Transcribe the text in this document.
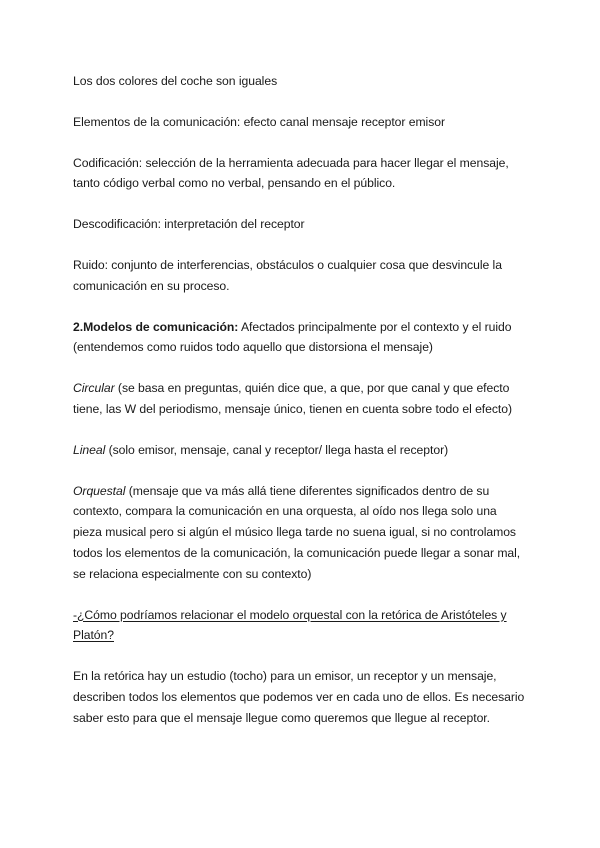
Los dos colores del coche son iguales

Elementos de la comunicación: efecto canal mensaje receptor emisor

Codificación: selección de la herramienta adecuada para hacer llegar el mensaje,
tanto código verbal como no verbal, pensando en el público.

Descodificación: interpretación del receptor

Ruido: conjunto de interferencias, obstáculos o cualquier cosa que desvincule la
comunicación en su proceso.

2.Modelos de comunicación: Afectados principalmente por el contexto y el ruido
(entendemos como ruidos todo aquello que distorsiona el mensaje)

Circular (se basa en preguntas, quién dice que, a que, por que canal y que efecto
tiene, las W del periodismo, mensaje único, tienen en cuenta sobre todo el efecto)

Lineal (solo emisor, mensaje, canal y receptor/ llega hasta el receptor)

Orquestal (mensaje que va más allá tiene diferentes significados dentro de su
contexto, compara la comunicación en una orquesta, al oído nos llega solo una
pieza musical pero si algún el músico llega tarde no suena igual, si no controlamos
todos los elementos de la comunicación, la comunicación puede llegar a sonar mal,
se relaciona especialmente con su contexto)

-¿Cómo podríamos relacionar el modelo orquestal con la retórica de Aristóteles y
Platón?

En la retórica hay un estudio (tocho) para un emisor, un receptor y un mensaje,
describen todos los elementos que podemos ver en cada uno de ellos. Es necesario
saber esto para que el mensaje llegue como queremos que llegue al receptor.
